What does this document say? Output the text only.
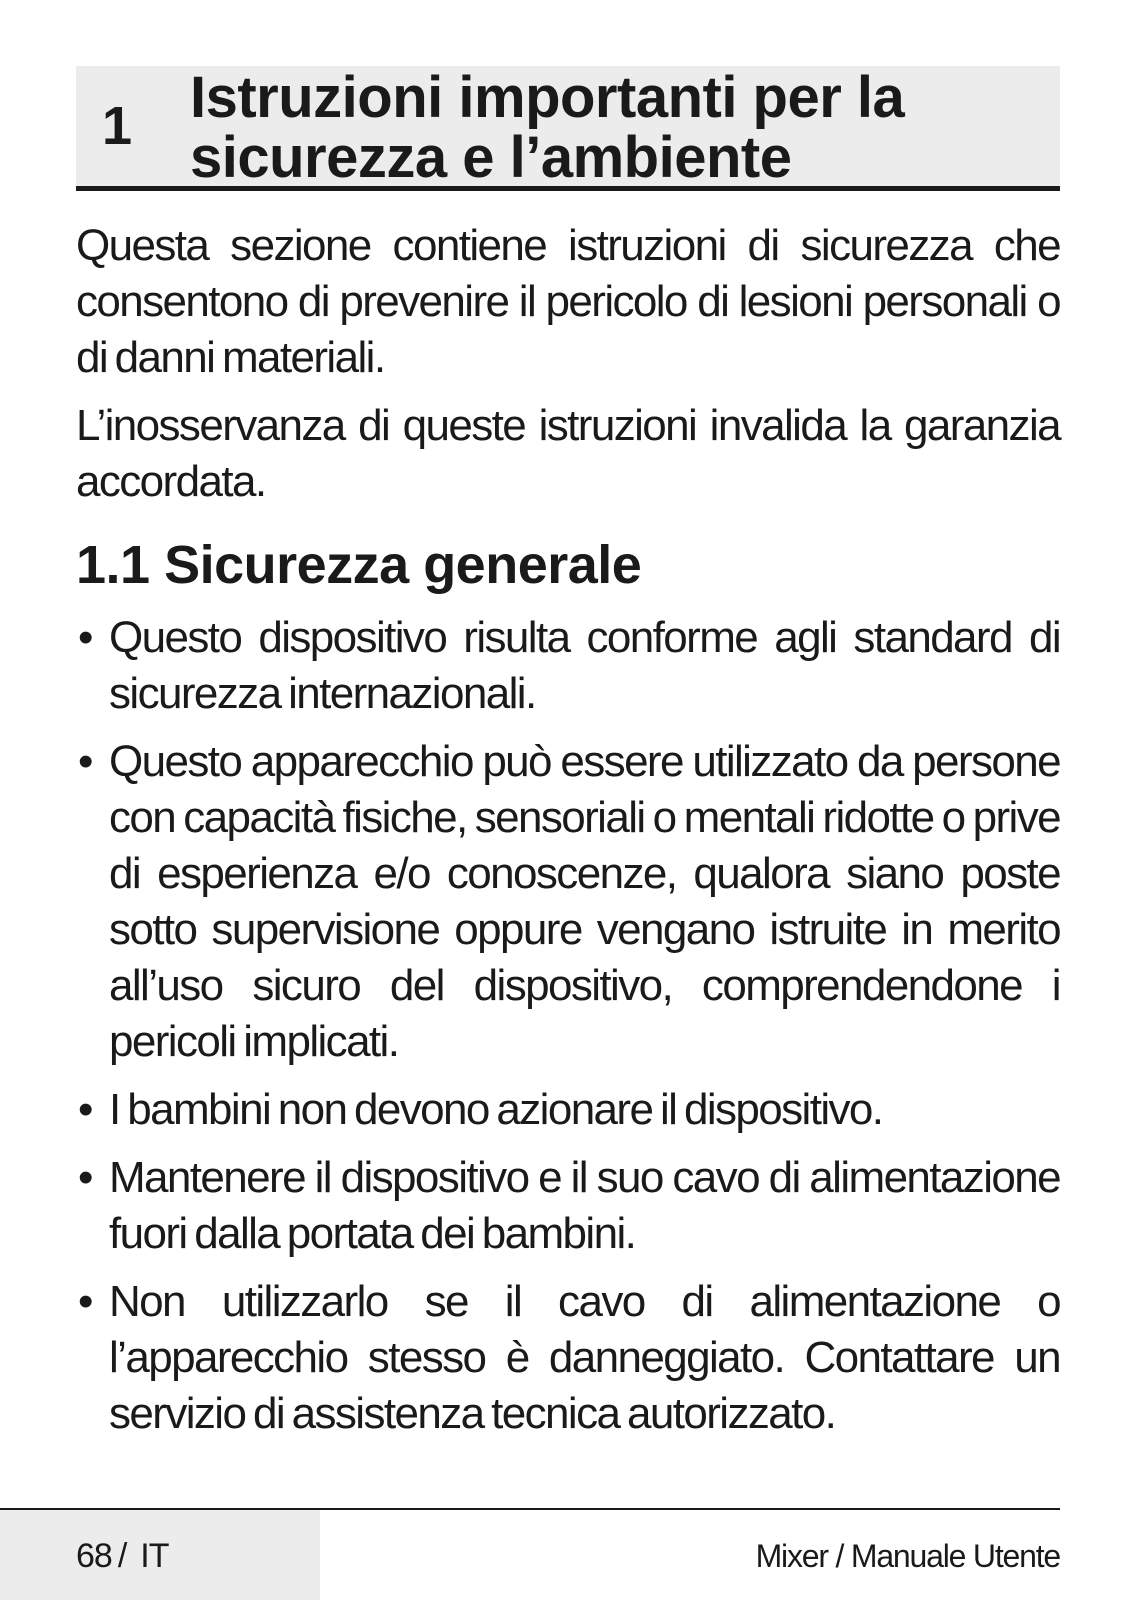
1 Istruzioni importanti per la
sicurezza e l’ambiente

Questa sezione contiene istruzioni di sicurezza che consentono di prevenire il pericolo di lesioni personali o di danni materiali.

L’inosservanza di queste istruzioni invalida la garanzia accordata.

1.1 Sicurezza generale
• Questo dispositivo risulta conforme agli standard di sicurezza internazionali.
• Questo apparecchio può essere utilizzato da persone con capacità fisiche, sensoriali o mentali ridotte o prive di esperienza e/o conoscenze, qualora siano poste sotto supervisione oppure vengano istruite in merito all’uso sicuro del dispositivo, comprendendone i pericoli implicati.
• I bambini non devono azionare il dispositivo.
• Mantenere il dispositivo e il suo cavo di alimentazione fuori dalla portata dei bambini.
• Non utilizzarlo se il cavo di alimentazione o l’apparecchio stesso è danneggiato. Contattare un servizio di assistenza tecnica autorizzato.
68 / IT	Mixer / Manuale Utente
